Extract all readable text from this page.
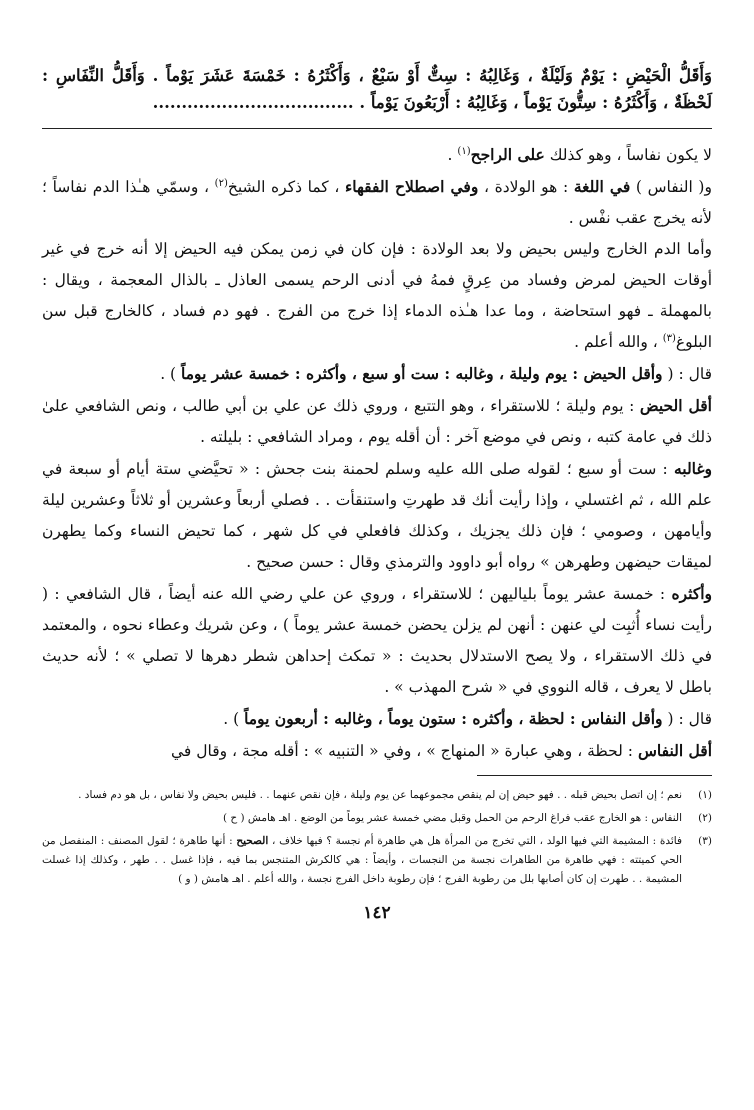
وَأَقَلُّ الْحَيْضِ : يَوْمٌ وَلَيْلَةٌ ، وَغَالِبُهُ : سِتٌّ أَوْ سَبْعٌ ، وَأَكْثَرُهُ : خَمْسَةَ عَشَرَ يَوْماً . وَأَقَلُّ النِّفَاسِ : لَحْظَةٌ ، وَأَكْثَرُهُ : سِتُّونَ يَوْماً ، وَغَالِبُهُ : أَرْبَعُونَ يَوْماً . ...................................

لا يكون نفاساً ، وهو كذلك على الراجح$^{(١)}$ .

و( النفاس ) في اللغة : هو الولادة ، وفي اصطلاح الفقهاء ، كما ذكره الشيخ$^{(٢)}$ ، وسمّي هـٰذا الدم نفاساً ؛ لأنه يخرج عقب نفْس .

وأما الدم الخارج وليس بحيض ولا بعد الولادة : فإن كان في زمن يمكن فيه الحيض إلا أنه خرج في غير أوقات الحيض لمرض وفساد من عِرقٍ فمهُ في أدنى الرحم يسمى العاذل ـ بالذال المعجمة ، ويقال : بالمهملة ـ فهو استحاضة ، وما عدا هـٰذه الدماء إذا خرج من الفرج . فهو دم فساد ، كالخارج قبل سن البلوغ$^{(٣)}$ ، والله أعلم .

قال : ( وأقل الحيض : يوم وليلة ، وغالبه : ست أو سبع ، وأكثره : خمسة عشر يوماً ) .

أقل الحيض : يوم وليلة ؛ للاستقراء ، وهو التتبع ، وروي ذلك عن علي بن أبي طالب ، ونص الشافعي علىٰ ذلك في عامة كتبه ، ونص في موضع آخر : أن أقله يوم ، ومراد الشافعي : بليلته .

وغالبه : ست أو سبع ؛ لقوله صلى الله عليه وسلم لحمنة بنت جحش : « تحيَّضي ستة أيام أو سبعة في علم الله ، ثم اغتسلي ، وإذا رأيت أنك قد طهرتِ واستنقأت . . فصلي أربعاً وعشرين أو ثلاثاً وعشرين ليلة وأيامهن ، وصومي ؛ فإن ذلك يجزيك ، وكذلك فافعلي في كل شهر ، كما تحيض النساء وكما يطهرن لميقات حيضهن وطهرهن » رواه أبو داوود والترمذي وقال : حسن صحيح .

وأكثره : خمسة عشر يوماً بلياليهن ؛ للاستقراء ، وروي عن علي رضي الله عنه أيضاً ، قال الشافعي : ( رأيت نساء أُثبِت لي عنهن : أنهن لم يزلن يحضن خمسة عشر يوماً ) ، وعن شريك وعطاء نحوه ، والمعتمد في ذلك الاستقراء ، ولا يصح الاستدلال بحديث : « تمكث إحداهن شطر دهرها لا تصلي » ؛ لأنه حديث باطل لا يعرف ، قاله النووي في « شرح المهذب » .

قال : ( وأقل النفاس : لحظة ، وأكثره : ستون يوماً ، وغالبه : أربعون يوماً ) .

أقل النفاس : لحظة ، وهي عبارة « المنهاج » ، وفي « التنبيه » : أقله مجة ، وقال في

(١)
نعم ؛ إن اتصل بحيض قبله . . فهو حيض إن لم ينقص مجموعهما عن يوم وليلة ، فإن نقص عنهما . . فليس بحيض ولا نفاس ، بل هو دم فساد .
(٢)
النفاس : هو الخارج عقب فراغ الرحم من الحمل وقبل مضي خمسة عشر يوماً من الوضع . اهـ هامش ( ح )
(٣)
فائدة : المشيمة التي فيها الولد ، التي تخرج من المرأة هل هي طاهرة أم نجسة ؟ فيها خلاف ، الصحيح : أنها طاهرة ؛ لقول المصنف : المنفصل من الحي كميتته : فهي طاهرة من الطاهرات نجسة من النجسات ، وأيضاً : هي كالكرش المتنجس بما فيه ، فإذا غسل . . طهر ، وكذلك إذا غسلت المشيمة . . طهرت إن كان أصابها بلل من رطوبة الفرج ؛ فإن رطوبة داخل الفرج نجسة ، والله أعلم . اهـ هامش ( و )
١٤٢
